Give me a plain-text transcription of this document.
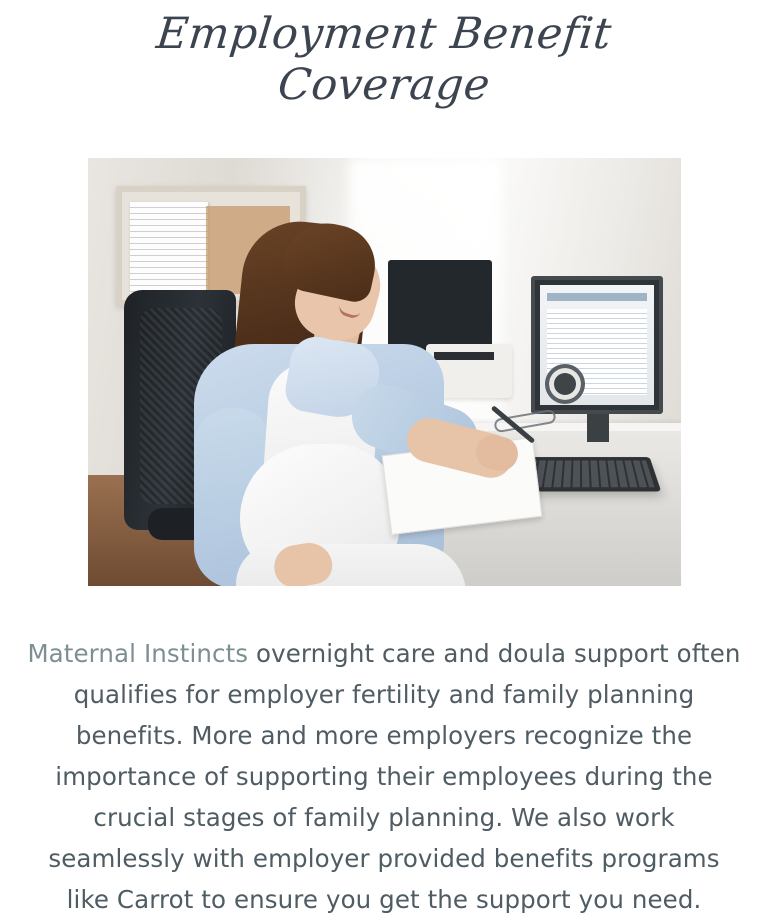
Employment Benefit
Coverage

Maternal Instincts overnight care and doula support often qualifies for employer fertility and family planning benefits. More and more employers recognize the importance of supporting their employees during the crucial stages of family planning. We also work seamlessly with employer provided benefits programs like Carrot to ensure you get the support you need.
